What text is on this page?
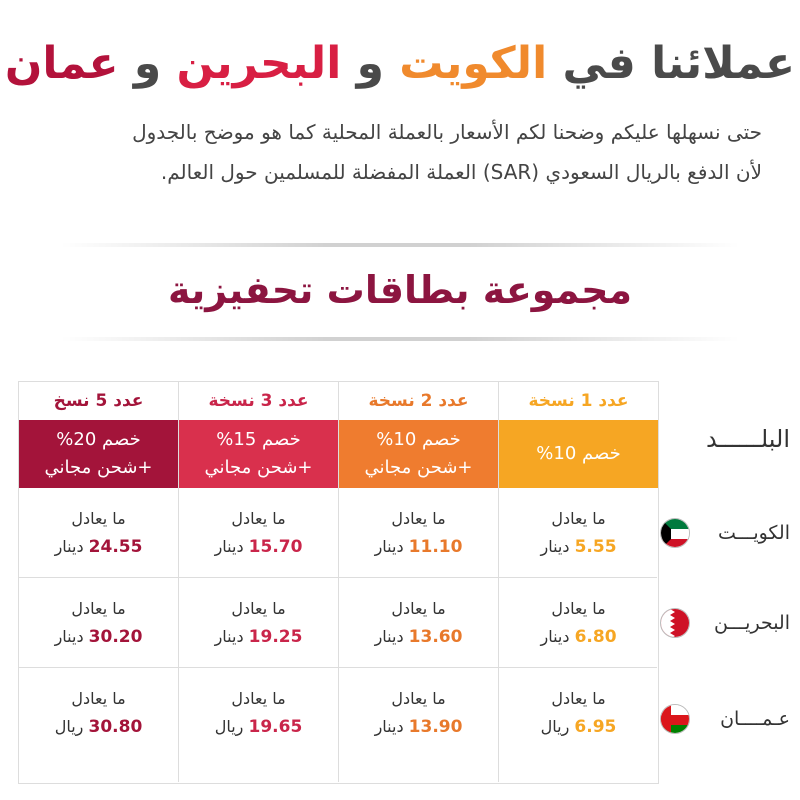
عملائنا في الكويت و البحرين و عمان
حتى نسهلها عليكم وضحنا لكم الأسعار بالعملة المحلية كما هو موضح بالجدول
لأن الدفع بالريال السعودي (SAR) العملة المفضلة للمسلمين حول العالم.
مجموعة بطاقات تحفيزية
عدد 5 نسخ
خصم 20%
+شحن مجاني
ما يعادل
24.55 دينار
ما يعادل
30.20 دينار
ما يعادل
30.80 ريال
عدد 3 نسخة
خصم 15%
+شحن مجاني
ما يعادل
15.70 دينار
ما يعادل
19.25 دينار
ما يعادل
19.65 ريال
عدد 2 نسخة
خصم 10%
+شحن مجاني
ما يعادل
11.10 دينار
ما يعادل
13.60 دينار
ما يعادل
13.90 دينار
عدد 1 نسخة
خصم 10%
ما يعادل
5.55 دينار
ما يعادل
6.80 دينار
ما يعادل
6.95 ريال
البلــــــد
الكويـــت
البحريـــن
عـمــــان
